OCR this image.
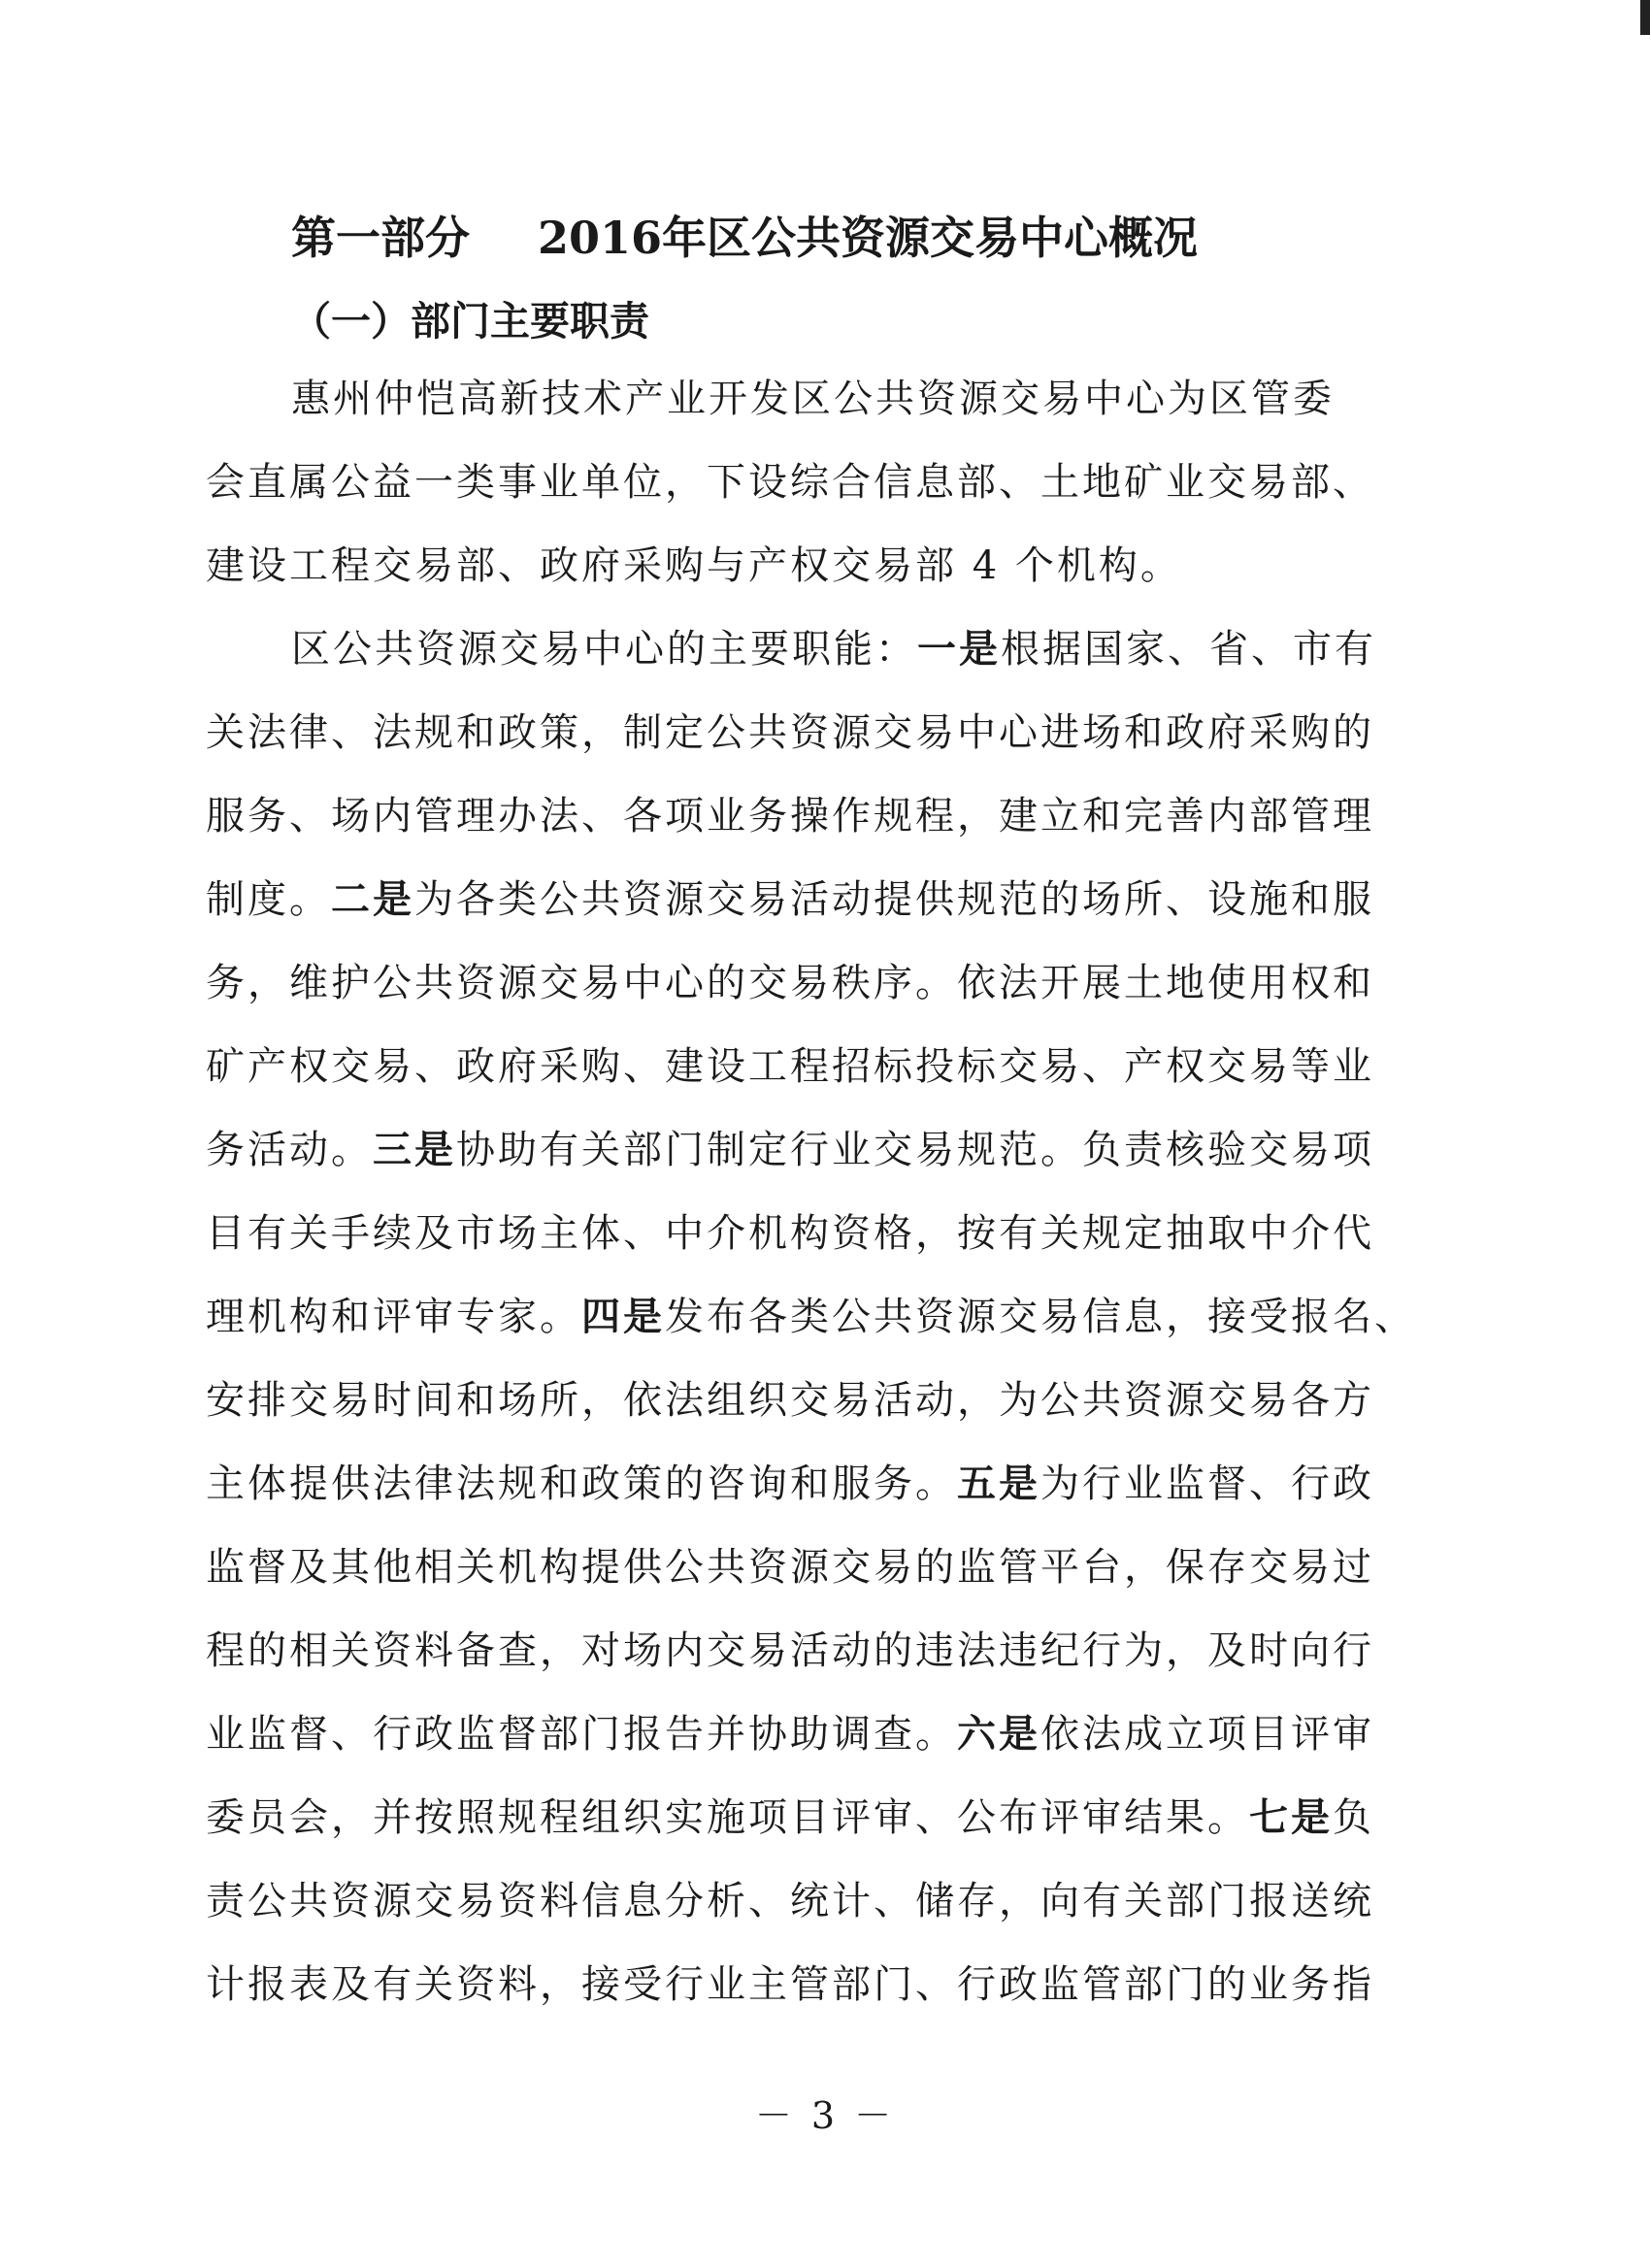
第一部分 2016年区公共资源交易中心概况
（一）部门主要职责

惠州仲恺高新技术产业开发区公共资源交易中心为区管委
会直属公益一类事业单位，下设综合信息部、土地矿业交易部、
建设工程交易部、政府采购与产权交易部 4 个机构。

区公共资源交易中心的主要职能：一是根据国家、省、市有
关法律、法规和政策，制定公共资源交易中心进场和政府采购的
服务、场内管理办法、各项业务操作规程，建立和完善内部管理
制度。二是为各类公共资源交易活动提供规范的场所、设施和服
务，维护公共资源交易中心的交易秩序。依法开展土地使用权和
矿产权交易、政府采购、建设工程招标投标交易、产权交易等业
务活动。三是协助有关部门制定行业交易规范。负责核验交易项
目有关手续及市场主体、中介机构资格，按有关规定抽取中介代
理机构和评审专家。四是发布各类公共资源交易信息，接受报名、
安排交易时间和场所，依法组织交易活动，为公共资源交易各方
主体提供法律法规和政策的咨询和服务。五是为行业监督、行政
监督及其他相关机构提供公共资源交易的监管平台，保存交易过
程的相关资料备查，对场内交易活动的违法违纪行为，及时向行
业监督、行政监督部门报告并协助调查。六是依法成立项目评审
委员会，并按照规程组织实施项目评审、公布评审结果。七是负
责公共资源交易资料信息分析、统计、储存，向有关部门报送统
计报表及有关资料，接受行业主管部门、行政监管部门的业务指

－ 3 －
